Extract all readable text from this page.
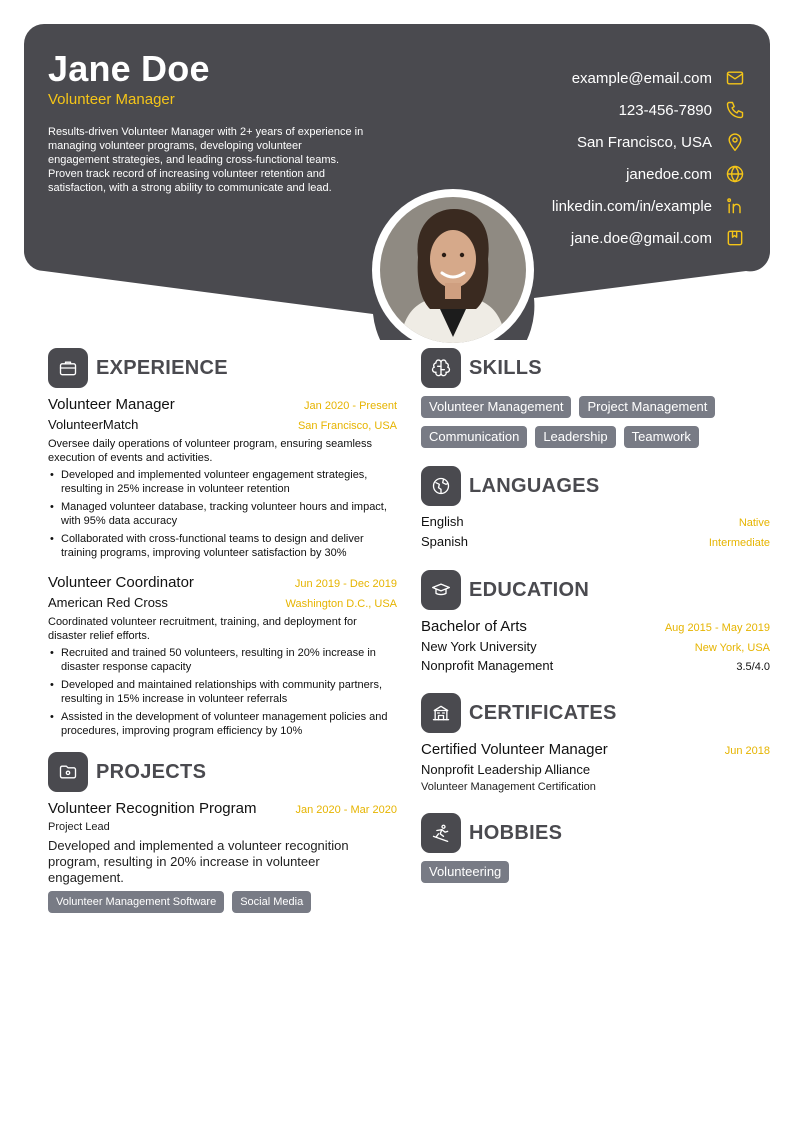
Jane Doe
Volunteer Manager
Results-driven Volunteer Manager with 2+ years of experience in managing volunteer programs, developing volunteer engagement strategies, and leading cross-functional teams. Proven track record of increasing volunteer retention and satisfaction, with a strong ability to communicate and lead.
example@email.com
123-456-7890
San Francisco, USA
janedoe.com
linkedin.com/in/example
jane.doe@gmail.com
EXPERIENCE
Volunteer Manager	Jan 2020 - Present
VolunteerMatch	San Francisco, USA
Oversee daily operations of volunteer program, ensuring seamless execution of events and activities.
• Developed and implemented volunteer engagement strategies, resulting in 25% increase in volunteer retention
• Managed volunteer database, tracking volunteer hours and impact, with 95% data accuracy
• Collaborated with cross-functional teams to design and deliver training programs, improving volunteer satisfaction by 30%
Volunteer Coordinator	Jun 2019 - Dec 2019
American Red Cross	Washington D.C., USA
Coordinated volunteer recruitment, training, and deployment for disaster relief efforts.
• Recruited and trained 50 volunteers, resulting in 20% increase in disaster response capacity
• Developed and maintained relationships with community partners, resulting in 15% increase in volunteer referrals
• Assisted in the development of volunteer management policies and procedures, improving program efficiency by 10%
PROJECTS
Volunteer Recognition Program	Jan 2020 - Mar 2020
Project Lead
Developed and implemented a volunteer recognition program, resulting in 20% increase in volunteer engagement.
Volunteer Management Software	Social Media
SKILLS
Volunteer Management	Project Management
Communication	Leadership	Teamwork
LANGUAGES
English	Native
Spanish	Intermediate
EDUCATION
Bachelor of Arts	Aug 2015 - May 2019
New York University	New York, USA
Nonprofit Management	3.5/4.0
CERTIFICATES
Certified Volunteer Manager	Jun 2018
Nonprofit Leadership Alliance
Volunteer Management Certification
HOBBIES
Volunteering
